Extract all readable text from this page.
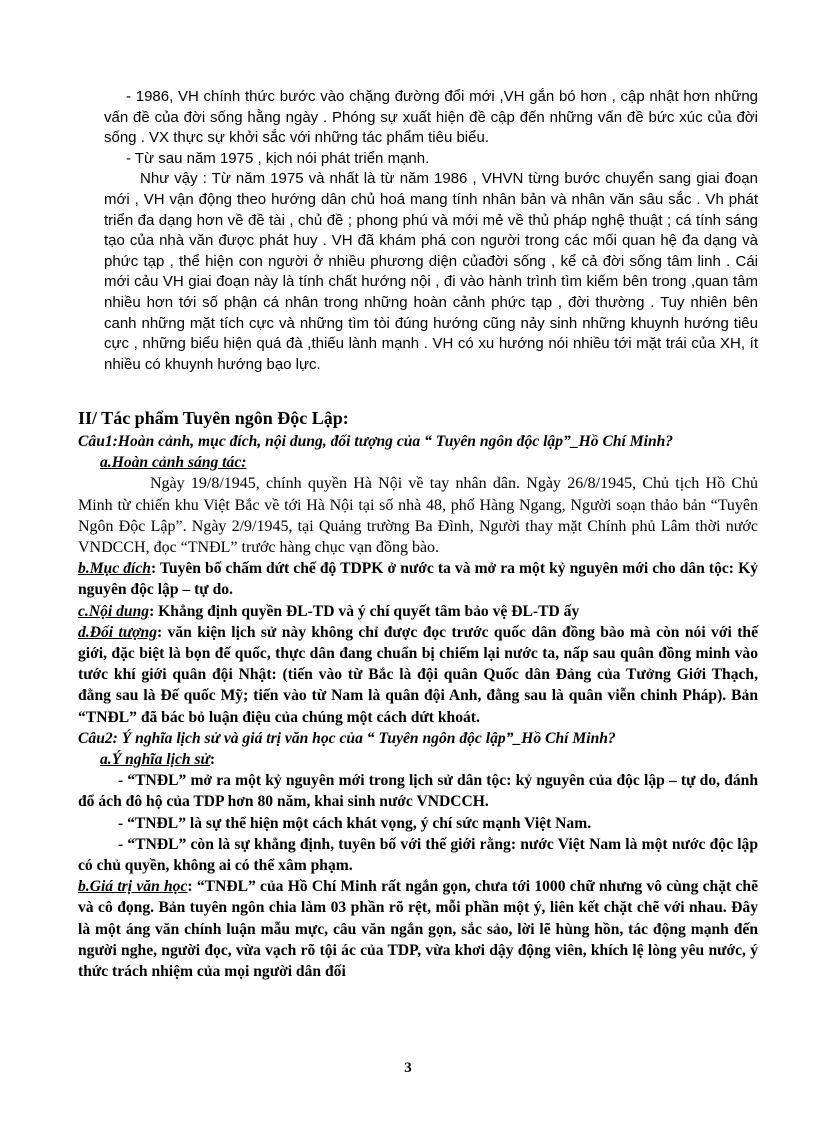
- 1986, VH chính thức bước vào chặng đường đổi mới ,VH gắn bó hơn , cập nhật hơn những vấn đề của đời sống hằng ngày . Phóng sự xuất hiện đề cập đến những vấn đề bức xúc của đời sống . VX thực sự khởi sắc với những tác phẩm tiêu biểu.

- Từ sau năm 1975 , kịch nói phát triển mạnh.

Như vậy : Từ năm 1975 và nhất là từ năm 1986 , VHVN từng bước chuyển sang giai đoạn mới , VH vận động theo hướng dân chủ hoá mang tính nhân bản và nhân văn sâu sắc . Vh phát triển đa dạng hơn về đề tài , chủ đề ; phong phú và mới mẻ về thủ pháp nghệ thuật ; cá tính sáng tạo của nhà văn được phát huy . VH đã khám phá con người trong các mối quan hệ đa dạng và phức tạp , thể hiện con người ở nhiều phương diện củađời sống , kể cả đời sống tâm linh . Cái mới cảu VH giai đoạn này là tính chất hướng nội , đi vào hành trình tìm kiếm bên trong ,quan tâm nhiều hơn tới số phận cá nhân trong những hoàn cảnh phức tạp , đời thường . Tuy nhiên bên canh những mặt tích cực và những tìm tòi đúng hướng cũng nảy sinh những khuynh hướng tiêu cực , những biểu hiện quá đà ,thiếu lành mạnh . VH có xu hướng nói nhiều tới mặt trái của XH, ít nhiều có khuynh hướng bạo lực.

II/ Tác phẩm Tuyên ngôn Độc Lập:

Câu1:Hoàn cảnh, mục đích, nội dung, đối tượng của “ Tuyên ngôn độc lập”_Hồ Chí Minh?

a.Hoàn cảnh sáng tác:

Ngày 19/8/1945, chính quyền Hà Nội về tay nhân dân. Ngày 26/8/1945, Chủ tịch Hồ Chủ Minh từ chiến khu Việt Bắc về tới Hà Nội tại số nhà 48, phố Hàng Ngang, Người soạn thảo bản “Tuyên Ngôn Độc Lập”. Ngày 2/9/1945, tại Quảng trường Ba Đình, Người thay mặt Chính phủ Lâm thời nước VNDCCH, đọc “TNĐL” trước hàng chục vạn đồng bào.

b.Mục đích: Tuyên bố chấm dứt chế độ TDPK ở nước ta và mở ra một kỷ nguyên mới cho dân tộc: Kỷ nguyên độc lập – tự do.

c.Nội dung: Khẳng định quyền ĐL-TD và ý chí quyết tâm bảo vệ ĐL-TD ấy

d.Đối tượng: văn kiện lịch sử này không chỉ được đọc trước quốc dân đồng bào mà còn nói với thế giới, đặc biệt là bọn đế quốc, thực dân đang chuẩn bị chiếm lại nước ta, nấp sau quân đồng minh vào tước khí giới quân đội Nhật: (tiến vào từ Bắc là đội quân Quốc dân Đảng của Tưởng Giới Thạch, đằng sau là Đế quốc Mỹ; tiến vào từ Nam là quân đội Anh, đằng sau là quân viễn chinh Pháp). Bản “TNĐL” đã bác bỏ luận điệu của chúng một cách dứt khoát.

Câu2: Ý nghĩa lịch sử và giá trị văn học của “ Tuyên ngôn độc lập”_Hồ Chí Minh?

a.Ý nghĩa lịch sử:

- “TNĐL” mở ra một kỷ nguyên mới trong lịch sử dân tộc: kỷ nguyên của độc lập – tự do, đánh đổ ách đô hộ của TDP hơn 80 năm, khai sinh nước VNDCCH.

- “TNĐL” là sự thể hiện một cách khát vọng, ý chí sức mạnh Việt Nam.

- “TNĐL” còn là sự khẳng định, tuyên bố với thế giới rằng: nước Việt Nam là một nước độc lập có chủ quyền, không ai có thể xâm phạm.

b.Giá trị văn học: “TNĐL” của Hồ Chí Minh rất ngắn gọn, chưa tới 1000 chữ nhưng vô cùng chặt chẽ và cô đọng. Bản tuyên ngôn chia làm 03 phần rõ rệt, mỗi phần một ý, liên kết chặt chẽ với nhau. Đây là một áng văn chính luận mẫu mực, câu văn ngắn gọn, sắc sảo, lời lẽ hùng hồn, tác động mạnh đến người nghe, người đọc, vừa vạch rõ tội ác của TDP, vừa khơi dậy động viên, khích lệ lòng yêu nước, ý thức trách nhiệm của mọi người dân đối

3
